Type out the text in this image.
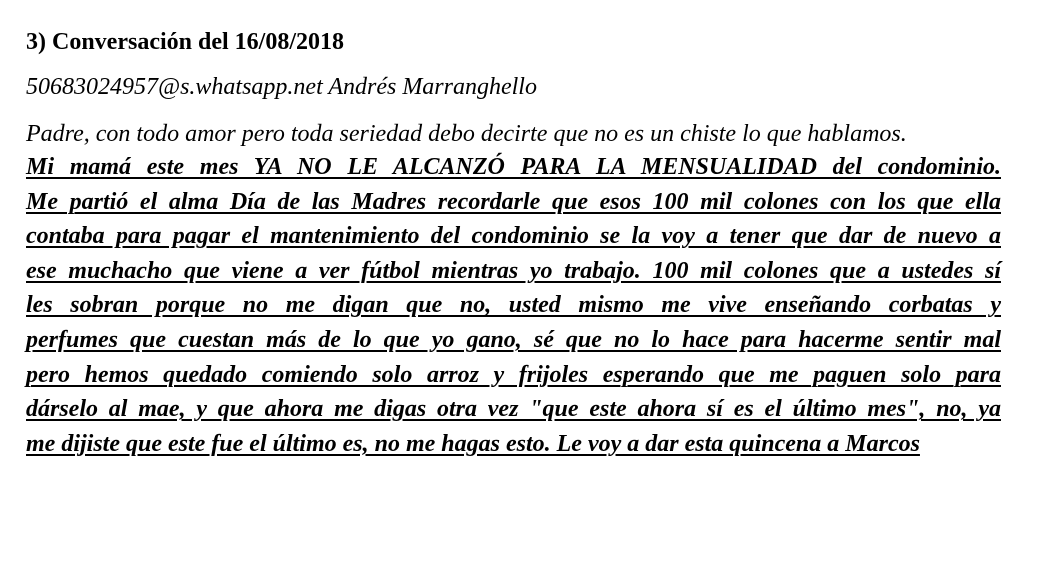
3) Conversación del 16/08/2018
50683024957@s.whatsapp.net Andrés Marranghello
Padre, con todo amor pero toda seriedad debo decirte que no es un chiste lo que hablamos.
Mi mamá este mes YA NO LE ALCANZÓ PARA LA MENSUALIDAD del condominio.
Me partió el alma Día de las Madres recordarle que esos 100 mil colones con los que ella
contaba para pagar el mantenimiento del condominio se la voy a tener que dar de nuevo a
ese muchacho que viene a ver fútbol mientras yo trabajo. 100 mil colones que a ustedes sí
les sobran porque no me digan que no, usted mismo me vive enseñando corbatas y
perfumes que cuestan más de lo que yo gano, sé que no lo hace para hacerme sentir mal
pero hemos quedado comiendo solo arroz y frijoles esperando que me paguen solo para
dárselo al mae, y que ahora me digas otra vez "que este ahora sí es el último mes", no, ya
me dijiste que este fue el último es, no me hagas esto. Le voy a dar esta quincena a Marcos
